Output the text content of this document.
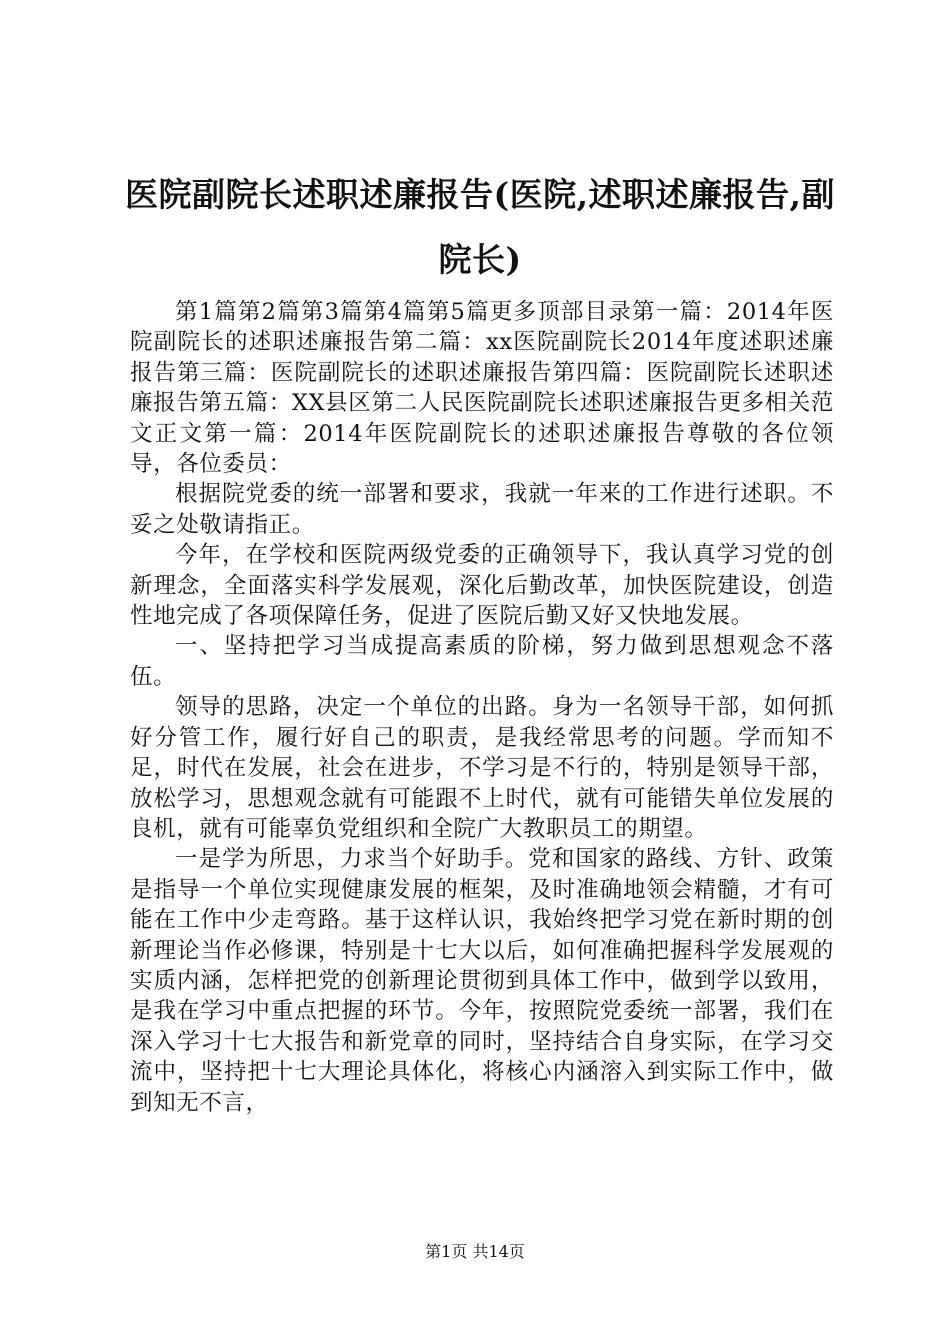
医院副院长述职述廉报告(医院,述职述廉报告,副院长)

第1篇第2篇第3篇第4篇第5篇更多顶部目录第一篇：2014年医院副院长的述职述廉报告第二篇：xx医院副院长2014年度述职述廉报告第三篇：医院副院长的述职述廉报告第四篇：医院副院长述职述廉报告第五篇：XX县区第二人民医院副院长述职述廉报告更多相关范文正文第一篇：2014年医院副院长的述职述廉报告尊敬的各位领导，各位委员：

根据院党委的统一部署和要求，我就一年来的工作进行述职。不妥之处敬请指正。

今年，在学校和医院两级党委的正确领导下，我认真学习党的创新理念，全面落实科学发展观，深化后勤改革，加快医院建设，创造性地完成了各项保障任务，促进了医院后勤又好又快地发展。

一、坚持把学习当成提高素质的阶梯，努力做到思想观念不落伍。

领导的思路，决定一个单位的出路。身为一名领导干部，如何抓好分管工作，履行好自己的职责，是我经常思考的问题。学而知不足，时代在发展，社会在进步，不学习是不行的，特别是领导干部，放松学习，思想观念就有可能跟不上时代，就有可能错失单位发展的良机，就有可能辜负党组织和全院广大教职员工的期望。

一是学为所思，力求当个好助手。党和国家的路线、方针、政策是指导一个单位实现健康发展的框架，及时准确地领会精髓，才有可能在工作中少走弯路。基于这样认识，我始终把学习党在新时期的创新理论当作必修课，特别是十七大以后，如何准确把握科学发展观的实质内涵，怎样把党的创新理论贯彻到具体工作中，做到学以致用，是我在学习中重点把握的环节。今年，按照院党委统一部署，我们在深入学习十七大报告和新党章的同时，坚持结合自身实际，在学习交流中，坚持把十七大理论具体化，将核心内涵溶入到实际工作中，做到知无不言，

第1页 共14页
